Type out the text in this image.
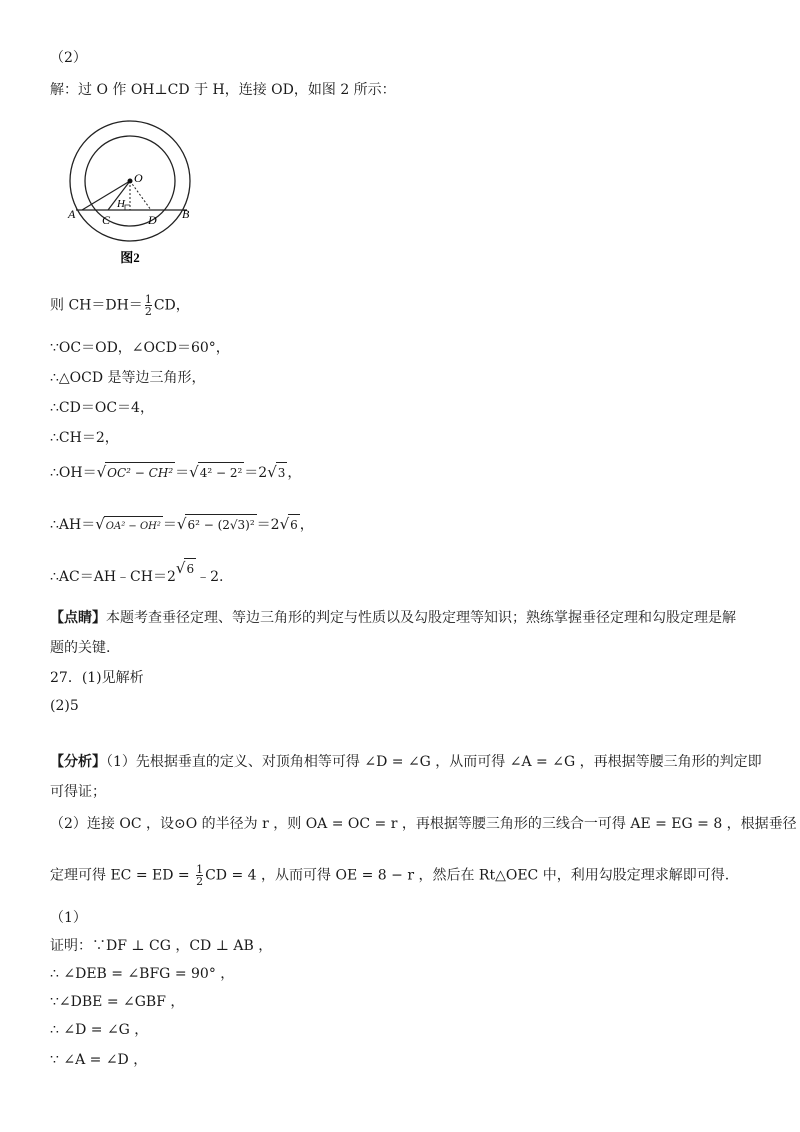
（2）
解：过 O 作 OH⊥CD 于 H，连接 OD，如图 2 所示：
O
H
A	B
C	D
图2
则 $CH=DH= \frac{1}{2}$ CD，
∵OC＝OD，∠OCD＝60°，
∴△OCD 是等边三角形，
∴CD＝OC＝4，
∴CH＝2，
∴OH＝√OC² − CH² ＝√4² − 2² ＝2√3 ，
∴AH＝√OA² − OH² ＝√6² − (2√3)² ＝2√6 ，
∴AC＝AH﹣CH＝2√6 ﹣2.
【点睛】本题考查垂径定理、等边三角形的判定与性质以及勾股定理等知识；熟练掌握垂径定理和勾股定理是解
题的关键.
27．(1)见解析
(2)5
【分析】（1）先根据垂直的定义、对顶角相等可得 ∠D = ∠G ，从而可得 ∠A = ∠G ，再根据等腰三角形的判定即
可得证；
（2）连接 OC ，设⊙O 的半径为 r ，则 OA = OC = r ，再根据等腰三角形的三线合一可得 AE = EG = 8 ，根据垂径
定理可得 EC = ED = $\frac{1}{2}$ CD = 4 ，从而可得 OE = 8 − r ，然后在 Rt△OEC 中，利用勾股定理求解即可得.
（1）
证明：∵DF ⊥ CG ，CD ⊥ AB ，
∴ ∠DEB = ∠BFG = 90° ，
∵∠DBE = ∠GBF ，
∴ ∠D = ∠G ，
∵ ∠A = ∠D ，
